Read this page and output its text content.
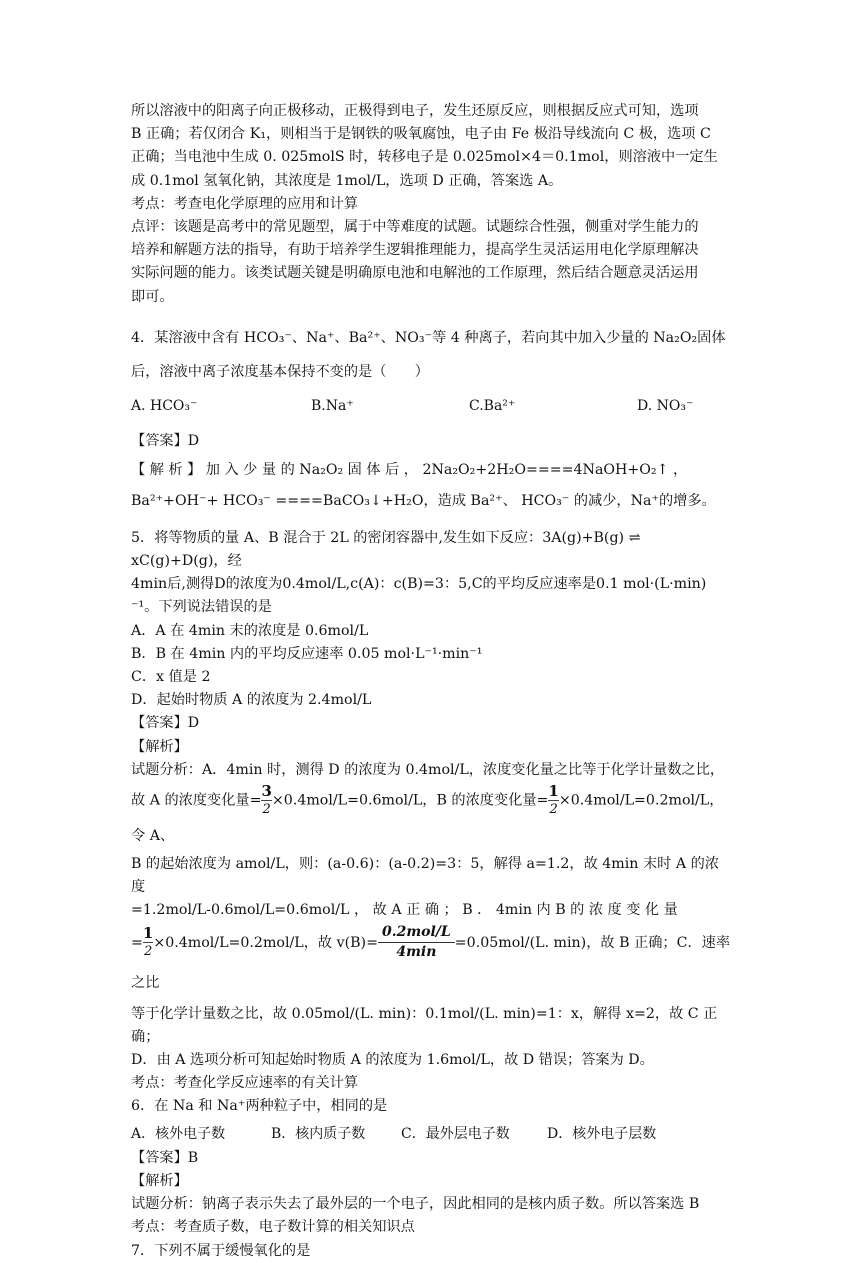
所以溶液中的阳离子向正极移动，正极得到电子，发生还原反应，则根据反应式可知，选项

B 正确；若仅闭合 K₁，则相当于是钢铁的吸氧腐蚀，电子由 Fe 极沿导线流向 C 极，选项 C

正确；当电池中生成 0. 025molS 时，转移电子是 0.025mol×4＝0.1mol，则溶液中一定生

成 0.1mol 氢氧化钠，其浓度是 1mol/L，选项 D 正确，答案选 A。

考点：考查电化学原理的应用和计算

点评：该题是高考中的常见题型，属于中等难度的试题。试题综合性强，侧重对学生能力的

培养和解题方法的指导，有助于培养学生逻辑推理能力，提高学生灵活运用电化学原理解决

实际问题的能力。该类试题关键是明确原电池和电解池的工作原理，然后结合题意灵活运用

即可。

4．某溶液中含有 HCO₃⁻、Na⁺、Ba²⁺、NO₃⁻等 4 种离子，若向其中加入少量的 Na₂O₂固体

后，溶液中离子浓度基本保持不变的是（　　）

A. HCO₃⁻	B.Na⁺	C.Ba²⁺	D. NO₃⁻

【答案】D

【 解 析 】 加 入 少 量 的 Na₂O₂ 固 体 后 ， 2Na₂O₂+2H₂O====4NaOH+O₂↑ ，

Ba²⁺+OH⁻+ HCO₃⁻ ====BaCO₃↓+H₂O，造成 Ba²⁺、 HCO₃⁻ 的减少，Na⁺的增多。

5．将等物质的量 A、B 混合于 2L 的密闭容器中,发生如下反应：3A(g)+B(g) ⇌ xC(g)+D(g)，经

4min后,测得D的浓度为0.4mol/L,c(A)：c(B)=3：5,C的平均反应速率是0.1 mol·(L·min)

⁻¹。下列说法错误的是

A．A 在 4min 末的浓度是 0.6mol/L

B．B 在 4min 内的平均反应速率 0.05 mol·L⁻¹·min⁻¹

C．x 值是 2

D．起始时物质 A 的浓度为 2.4mol/L

【答案】D

【解析】

试题分析：A．4min 时，测得 D 的浓度为 0.4mol/L，浓度变化量之比等于化学计量数之比，

故 A 的浓度变化量= $\frac{3}{2} \times 0.4mol/L=0.6mol/L$，B 的浓度变化量= $\frac{1}{2} \times 0.4mol/L=0.2mol/L$，令 A、

B 的起始浓度为 amol/L，则：(a-0.6)：(a-0.2)=3：5，解得 a=1.2，故 4min 末时 A 的浓度

=1.2mol/L-0.6mol/L=0.6mol/L ， 故 A 正 确 ； B ． 4min 内 B 的 浓 度 变 化 量

= $\frac{1}{2} \times 0.4mol/L=0.2mol/L$，故 v(B)=
0.2mol/L
4min
=0.05mol/(L. min)，故 B 正确；C．速率之比

等于化学计量数之比，故 0.05mol/(L. min)：0.1mol/(L. min)=1：x，解得 x=2，故 C 正确；

D．由 A 选项分析可知起始时物质 A 的浓度为 1.6mol/L，故 D 错误；答案为 D。

考点：考查化学反应速率的有关计算

6．在 Na 和 Na⁺两种粒子中，相同的是

A．核外电子数	B．核内质子数	C．最外层电子数	D．核外电子层数

【答案】B

【解析】

试题分析：钠离子表示失去了最外层的一个电子，因此相同的是核内质子数。所以答案选 B

考点：考查质子数，电子数计算的相关知识点

7．下列不属于缓慢氧化的是
